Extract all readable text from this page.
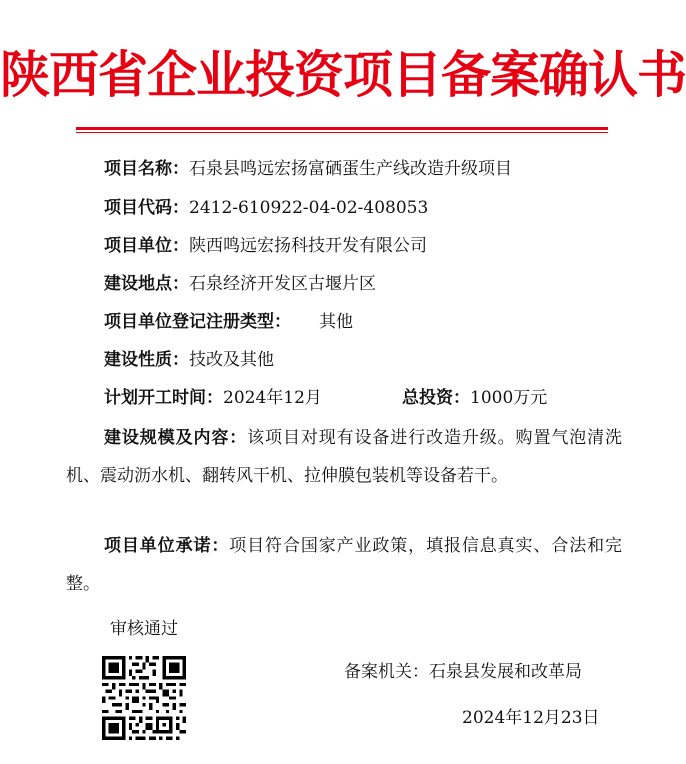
陕西省企业投资项目备案确认书
项目名称：石泉县鸣远宏扬富硒蛋生产线改造升级项目
项目代码：2412-610922-04-02-408053
项目单位：陕西鸣远宏扬科技开发有限公司
建设地点：石泉经济开发区古堰片区
项目单位登记注册类型： 其他
建设性质：技改及其他
计划开工时间：2024年12月	总投资：1000万元
建设规模及内容：该项目对现有设备进行改造升级。购置气泡清洗机、震动沥水机、翻转风干机、拉伸膜包装机等设备若干。
项目单位承诺：项目符合国家产业政策，填报信息真实、合法和完整。
审核通过
备案机关：石泉县发展和改革局
2024年12月23日
